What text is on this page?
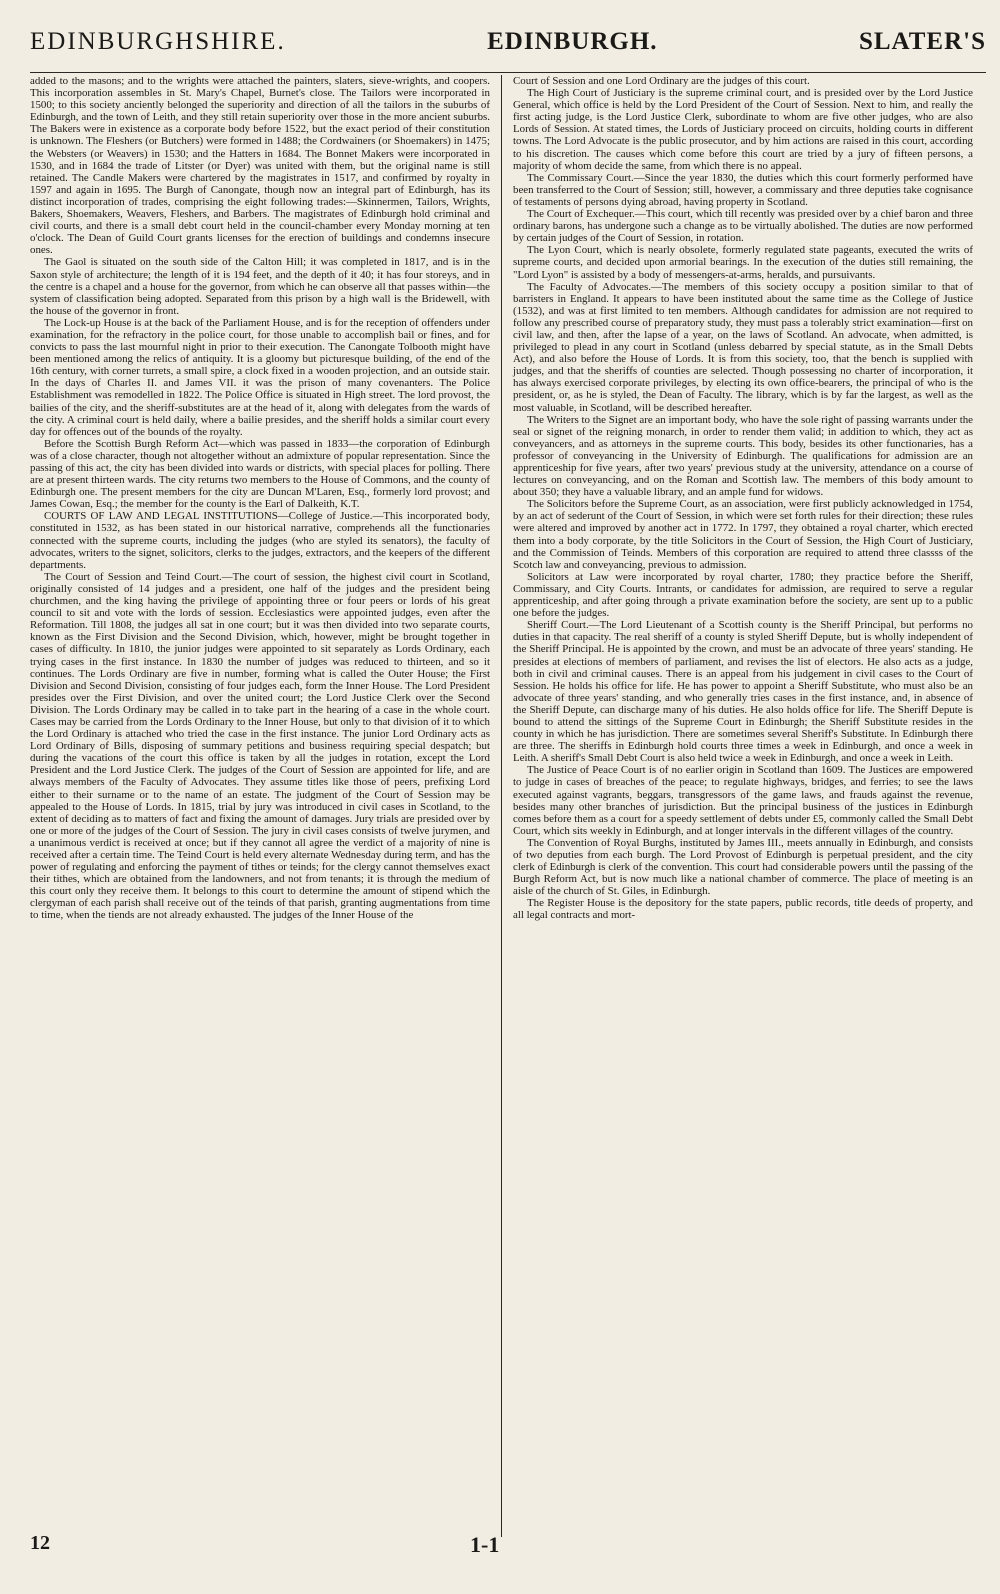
EDINBURGHSHIRE.	EDINBURGH.	SLATER'S

added to the masons; and to the wrights were attached the painters, slaters, sieve-wrights, and coopers. This incorporation assembles in St. Mary's Chapel, Burnet's close. The Tailors were incorporated in 1500; to this society anciently belonged the superiority and direction of all the tailors in the suburbs of Edinburgh, and the town of Leith, and they still retain superiority over those in the more ancient suburbs. The Bakers were in existence as a corporate body before 1522, but the exact period of their constitution is unknown. The Fleshers (or Butchers) were formed in 1488; the Cordwainers (or Shoemakers) in 1475; the Websters (or Weavers) in 1530; and the Hatters in 1684. The Bonnet Makers were incorporated in 1530, and in 1684 the trade of Litster (or Dyer) was united with them, but the original name is still retained. The Candle Makers were chartered by the magistrates in 1517, and confirmed by royalty in 1597 and again in 1695. The Burgh of Canongate, though now an integral part of Edinburgh, has its distinct incorporation of trades, comprising the eight following trades:—Skinnermen, Tailors, Wrights, Bakers, Shoemakers, Weavers, Fleshers, and Barbers. The magistrates of Edinburgh hold criminal and civil courts, and there is a small debt court held in the council-chamber every Monday morning at ten o'clock. The Dean of Guild Court grants licenses for the erection of buildings and condemns insecure ones.

The Gaol is situated on the south side of the Calton Hill; it was completed in 1817, and is in the Saxon style of architecture; the length of it is 194 feet, and the depth of it 40; it has four storeys, and in the centre is a chapel and a house for the governor, from which he can observe all that passes within—the system of classification being adopted. Separated from this prison by a high wall is the Bridewell, with the house of the governor in front.

The Lock-up House is at the back of the Parliament House, and is for the reception of offenders under examination, for the refractory in the police court, for those unable to accomplish bail or fines, and for convicts to pass the last mournful night in prior to their execution. The Canongate Tolbooth might have been mentioned among the relics of antiquity. It is a gloomy but picturesque building, of the end of the 16th century, with corner turrets, a small spire, a clock fixed in a wooden projection, and an outside stair. In the days of Charles II. and James VII. it was the prison of many covenanters. The Police Establishment was remodelled in 1822. The Police Office is situated in High street. The lord provost, the bailies of the city, and the sheriff-substitutes are at the head of it, along with delegates from the wards of the city. A criminal court is held daily, where a bailie presides, and the sheriff holds a similar court every day for offences out of the bounds of the royalty.

Before the Scottish Burgh Reform Act—which was passed in 1833—the corporation of Edinburgh was of a close character, though not altogether without an admixture of popular representation. Since the passing of this act, the city has been divided into wards or districts, with special places for polling. There are at present thirteen wards. The city returns two members to the House of Commons, and the county of Edinburgh one. The present members for the city are Duncan M'Laren, Esq., formerly lord provost; and James Cowan, Esq.; the member for the county is the Earl of Dalkeith, K.T.

COURTS OF LAW AND LEGAL INSTITUTIONS—College of Justice.—This incorporated body, constituted in 1532, as has been stated in our historical narrative, comprehends all the functionaries connected with the supreme courts, including the judges (who are styled its senators), the faculty of advocates, writers to the signet, solicitors, clerks to the judges, extractors, and the keepers of the different departments.

The Court of Session and Teind Court.—The court of session, the highest civil court in Scotland, originally consisted of 14 judges and a president, one half of the judges and the president being churchmen, and the king having the privilege of appointing three or four peers or lords of his great council to sit and vote with the lords of session. Ecclesiastics were appointed judges, even after the Reformation. Till 1808, the judges all sat in one court; but it was then divided into two separate courts, known as the First Division and the Second Division, which, however, might be brought together in cases of difficulty. In 1810, the junior judges were appointed to sit separately as Lords Ordinary, each trying cases in the first instance. In 1830 the number of judges was reduced to thirteen, and so it continues. The Lords Ordinary are five in number, forming what is called the Outer House; the First Division and Second Division, consisting of four judges each, form the Inner House. The Lord President presides over the First Division, and over the united court; the Lord Justice Clerk over the Second Division. The Lords Ordinary may be called in to take part in the hearing of a case in the whole court. Cases may be carried from the Lords Ordinary to the Inner House, but only to that division of it to which the Lord Ordinary is attached who tried the case in the first instance. The junior Lord Ordinary acts as Lord Ordinary of Bills, disposing of summary petitions and business requiring special despatch; but during the vacations of the court this office is taken by all the judges in rotation, except the Lord President and the Lord Justice Clerk. The judges of the Court of Session are appointed for life, and are always members of the Faculty of Advocates. They assume titles like those of peers, prefixing Lord either to their surname or to the name of an estate. The judgment of the Court of Session may be appealed to the House of Lords. In 1815, trial by jury was introduced in civil cases in Scotland, to the extent of deciding as to matters of fact and fixing the amount of damages. Jury trials are presided over by one or more of the judges of the Court of Session. The jury in civil cases consists of twelve jurymen, and a unanimous verdict is received at once; but if they cannot all agree the verdict of a majority of nine is received after a certain time. The Teind Court is held every alternate Wednesday during term, and has the power of regulating and enforcing the payment of tithes or teinds; for the clergy cannot themselves exact their tithes, which are obtained from the landowners, and not from tenants; it is through the medium of this court only they receive them. It belongs to this court to determine the amount of stipend which the clergyman of each parish shall receive out of the teinds of that parish, granting augmentations from time to time, when the tiends are not already exhausted. The judges of the Inner House of the

Court of Session and one Lord Ordinary are the judges of this court.

The High Court of Justiciary is the supreme criminal court, and is presided over by the Lord Justice General, which office is held by the Lord President of the Court of Session. Next to him, and really the first acting judge, is the Lord Justice Clerk, subordinate to whom are five other judges, who are also Lords of Session. At stated times, the Lords of Justiciary proceed on circuits, holding courts in different towns. The Lord Advocate is the public prosecutor, and by him actions are raised in this court, according to his discretion. The causes which come before this court are tried by a jury of fifteen persons, a majority of whom decide the same, from which there is no appeal.

The Commissary Court.—Since the year 1830, the duties which this court formerly performed have been transferred to the Court of Session; still, however, a commissary and three deputies take cognisance of testaments of persons dying abroad, having property in Scotland.

The Court of Exchequer.—This court, which till recently was presided over by a chief baron and three ordinary barons, has undergone such a change as to be virtually abolished. The duties are now performed by certain judges of the Court of Session, in rotation.

The Lyon Court, which is nearly obsolete, formerly regulated state pageants, executed the writs of supreme courts, and decided upon armorial bearings. In the execution of the duties still remaining, the "Lord Lyon" is assisted by a body of messengers-at-arms, heralds, and pursuivants.

The Faculty of Advocates.—The members of this society occupy a position similar to that of barristers in England. It appears to have been instituted about the same time as the College of Justice (1532), and was at first limited to ten members. Although candidates for admission are not required to follow any prescribed course of preparatory study, they must pass a tolerably strict examination—first on civil law, and then, after the lapse of a year, on the laws of Scotland. An advocate, when admitted, is privileged to plead in any court in Scotland (unless debarred by special statute, as in the Small Debts Act), and also before the House of Lords. It is from this society, too, that the bench is supplied with judges, and that the sheriffs of counties are selected. Though possessing no charter of incorporation, it has always exercised corporate privileges, by electing its own office-bearers, the principal of who is the president, or, as he is styled, the Dean of Faculty. The library, which is by far the largest, as well as the most valuable, in Scotland, will be described hereafter.

The Writers to the Signet are an important body, who have the sole right of passing warrants under the seal or signet of the reigning monarch, in order to render them valid; in addition to which, they act as conveyancers, and as attorneys in the supreme courts. This body, besides its other functionaries, has a professor of conveyancing in the University of Edinburgh. The qualifications for admission are an apprenticeship for five years, after two years' previous study at the university, attendance on a course of lectures on conveyancing, and on the Roman and Scottish law. The members of this body amount to about 350; they have a valuable library, and an ample fund for widows.

The Solicitors before the Supreme Court, as an association, were first publicly acknowledged in 1754, by an act of sederunt of the Court of Session, in which were set forth rules for their direction; these rules were altered and improved by another act in 1772. In 1797, they obtained a royal charter, which erected them into a body corporate, by the title Solicitors in the Court of Session, the High Court of Justiciary, and the Commission of Teinds. Members of this corporation are required to attend three classss of the Scotch law and conveyancing, previous to admission.

Solicitors at Law were incorporated by royal charter, 1780; they practice before the Sheriff, Commissary, and City Courts. Intrants, or candidates for admission, are required to serve a regular apprenticeship, and after going through a private examination before the society, are sent up to a public one before the judges.

Sheriff Court.—The Lord Lieutenant of a Scottish county is the Sheriff Principal, but performs no duties in that capacity. The real sheriff of a county is styled Sheriff Depute, but is wholly independent of the Sheriff Principal. He is appointed by the crown, and must be an advocate of three years' standing. He presides at elections of members of parliament, and revises the list of electors. He also acts as a judge, both in civil and criminal causes. There is an appeal from his judgement in civil cases to the Court of Session. He holds his office for life. He has power to appoint a Sheriff Substitute, who must also be an advocate of three years' standing, and who generally tries cases in the first instance, and, in absence of the Sheriff Depute, can discharge many of his duties. He also holds office for life. The Sheriff Depute is bound to attend the sittings of the Supreme Court in Edinburgh; the Sheriff Substitute resides in the county in which he has jurisdiction. There are sometimes several Sheriff's Substitute. In Edinburgh there are three. The sheriffs in Edinburgh hold courts three times a week in Edinburgh, and once a week in Leith. A sheriff's Small Debt Court is also held twice a week in Edinburgh, and once a week in Leith.

The Justice of Peace Court is of no earlier origin in Scotland than 1609. The Justices are empowered to judge in cases of breaches of the peace; to regulate highways, bridges, and ferries; to see the laws executed against vagrants, beggars, transgressors of the game laws, and frauds against the revenue, besides many other branches of jurisdiction. But the principal business of the justices in Edinburgh comes before them as a court for a speedy settlement of debts under £5, commonly called the Small Debt Court, which sits weekly in Edinburgh, and at longer intervals in the different villages of the country.

The Convention of Royal Burghs, instituted by James III., meets annually in Edinburgh, and consists of two deputies from each burgh. The Lord Provost of Edinburgh is perpetual president, and the city clerk of Edinburgh is clerk of the convention. This court had considerable powers until the passing of the Burgh Reform Act, but is now much like a national chamber of commerce. The place of meeting is an aisle of the church of St. Giles, in Edinburgh.

The Register House is the depository for the state papers, public records, title deeds of property, and all legal contracts and mort-

12	1-1
